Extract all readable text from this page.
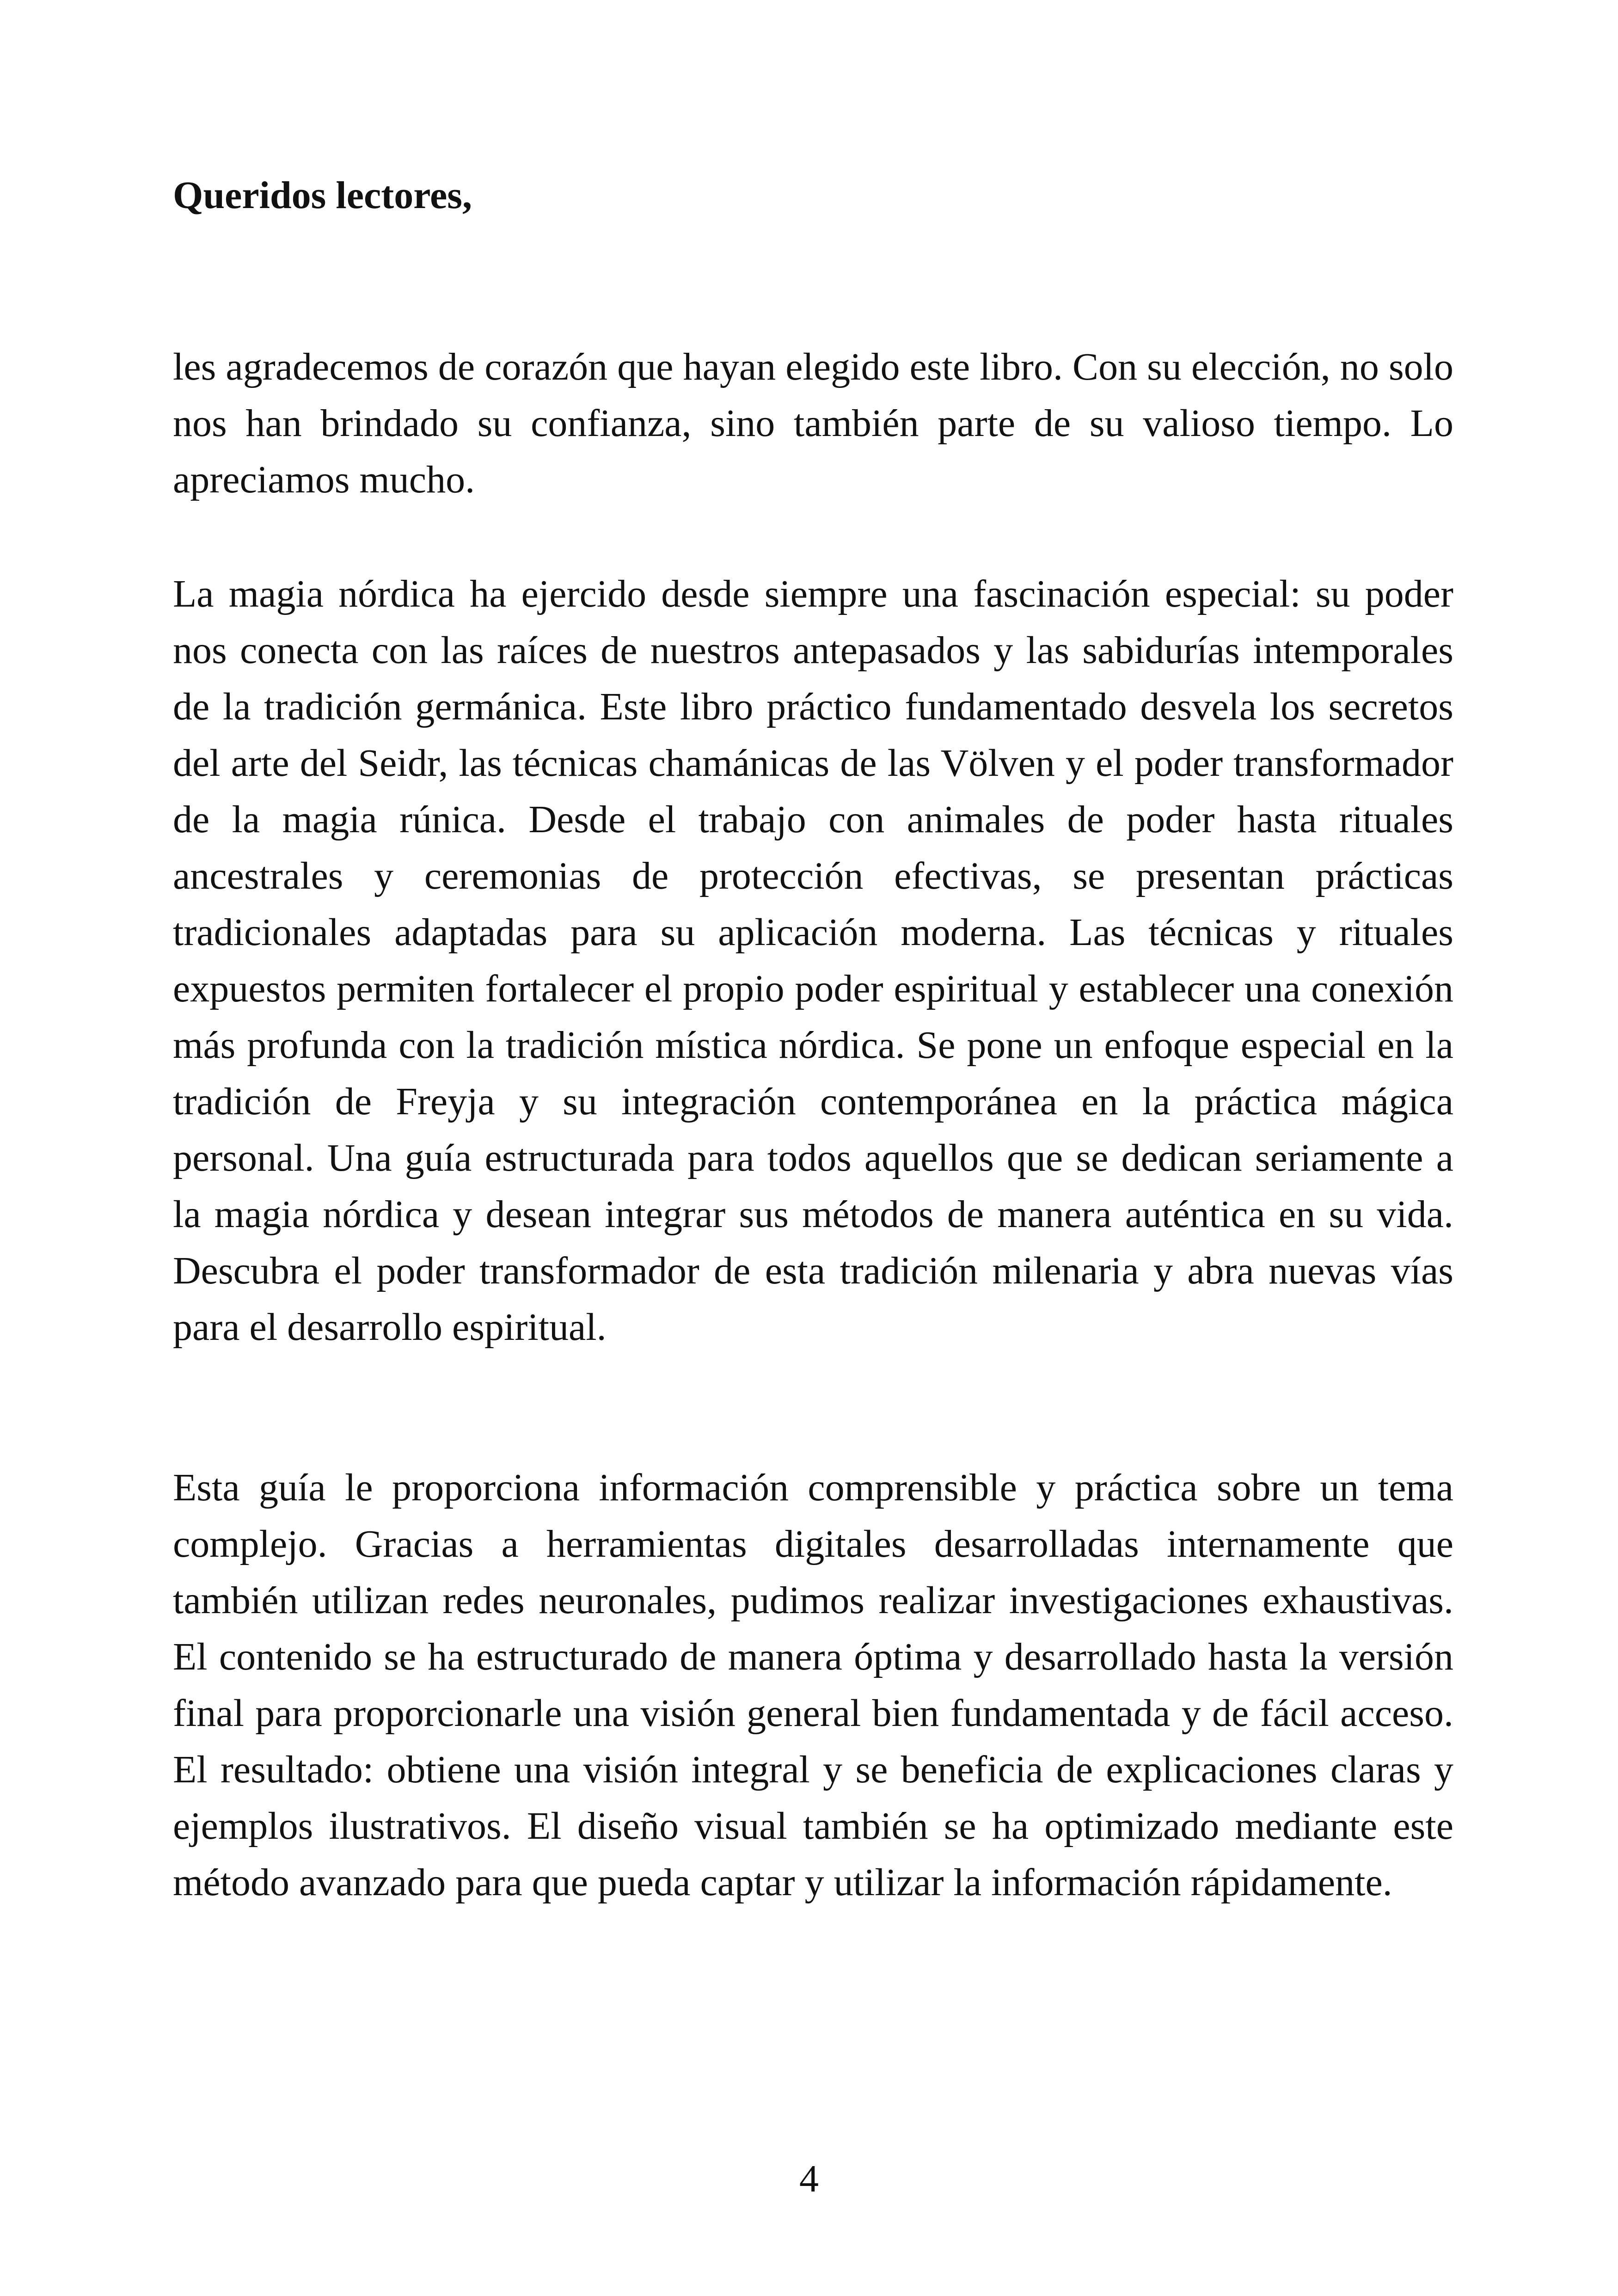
Queridos lectores,

les agradecemos de corazón que hayan elegido este libro. Con su elección, no solo nos han brindado su confianza, sino también parte de su valioso tiempo. Lo apreciamos mucho.

La magia nórdica ha ejercido desde siempre una fascinación especial: su poder nos conecta con las raíces de nuestros antepasados y las sabidurías intemporales de la tradición germánica. Este libro práctico fundamentado desvela los secretos del arte del Seidr, las técnicas chamánicas de las Völven y el poder transformador de la magia rúnica. Desde el trabajo con animales de poder hasta rituales ancestrales y ceremonias de protección efectivas, se presentan prácticas tradicionales adaptadas para su aplicación moderna. Las técnicas y rituales expuestos permiten fortalecer el propio poder espiritual y establecer una conexión más profunda con la tradición mística nórdica. Se pone un enfoque especial en la tradición de Freyja y su integración contemporánea en la práctica mágica personal. Una guía estructurada para todos aquellos que se dedican seriamente a la magia nórdica y desean integrar sus métodos de manera auténtica en su vida. Descubra el poder transformador de esta tradición milenaria y abra nuevas vías para el desarrollo espiritual.

Esta guía le proporciona información comprensible y práctica sobre un tema complejo. Gracias a herramientas digitales desarrolladas internamente que también utilizan redes neuronales, pudimos realizar investigaciones exhaustivas. El contenido se ha estructurado de manera óptima y desarrollado hasta la versión final para proporcionarle una visión general bien fundamentada y de fácil acceso. El resultado: obtiene una visión integral y se beneficia de explicaciones claras y ejemplos ilustrativos. El diseño visual también se ha optimizado mediante este método avanzado para que pueda captar y utilizar la información rápidamente.

4
